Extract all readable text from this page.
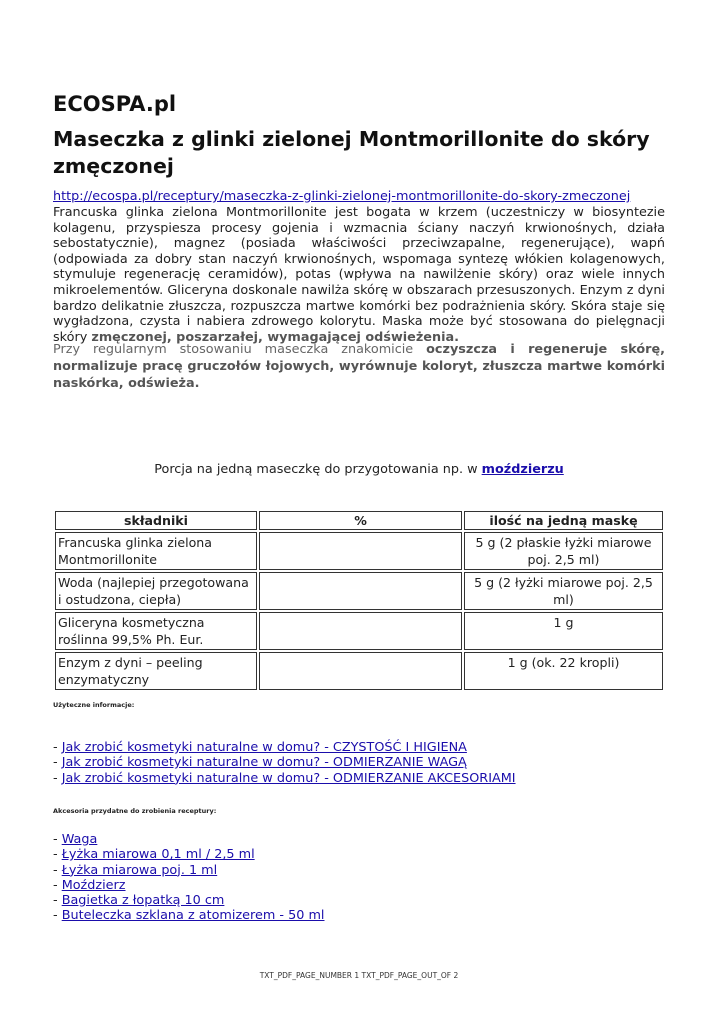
ECOSPA.pl
Maseczka z glinki zielonej Montmorillonite do skóry zmęczonej
http://ecospa.pl/receptury/maseczka-z-glinki-zielonej-montmorillonite-do-skory-zmeczonej

Francuska glinka zielona Montmorillonite jest bogata w krzem (uczestniczy w biosyntezie kolagenu, przyspiesza procesy gojenia i wzmacnia ściany naczyń krwionośnych, działa sebostatycznie), magnez (posiada właściwości przeciwzapalne, regenerujące), wapń (odpowiada za dobry stan naczyń krwionośnych, wspomaga syntezę włókien kolagenowych, stymuluje regenerację ceramidów), potas (wpływa na nawilżenie skóry) oraz wiele innych mikroelementów. Gliceryna doskonale nawilża skórę w obszarach przesuszonych. Enzym z dyni bardzo delikatnie złuszcza, rozpuszcza martwe komórki bez podrażnienia skóry. Skóra staje się wygładzona, czysta i nabiera zdrowego kolorytu. Maska może być stosowana do pielęgnacji skóry zmęczonej, poszarzałej, wymagającej odświeżenia.

Przy regularnym stosowaniu maseczka znakomicie oczyszcza i regeneruje skórę, normalizuje pracę gruczołów łojowych, wyrównuje koloryt, złuszcza martwe komórki naskórka, odświeża.

Porcja na jedną maseczkę do przygotowania np. w moździerzu
składniki	%	ilość na jedną maskę
Francuska glinka zielona Montmorillonite		5 g (2 płaskie łyżki miarowe poj. 2,5 ml)
Woda (najlepiej przegotowana i ostudzona, ciepła)		5 g (2 łyżki miarowe poj. 2,5 ml)
Gliceryna kosmetyczna roślinna 99,5% Ph. Eur.		1 g
Enzym z dyni – peeling enzymatyczny		1 g (ok. 22 kropli)
Użyteczne informacje:
- Jak zrobić kosmetyki naturalne w domu? - CZYSTOŚĆ I HIGIENA
- Jak zrobić kosmetyki naturalne w domu? - ODMIERZANIE WAGĄ
- Jak zrobić kosmetyki naturalne w domu? - ODMIERZANIE AKCESORIAMI
Akcesoria przydatne do zrobienia receptury:
- Waga
- Łyżka miarowa 0,1 ml / 2,5 ml
- Łyżka miarowa poj. 1 ml
- Moździerz
- Bagietka z łopatką 10 cm
- Buteleczka szklana z atomizerem - 50 ml
TXT_PDF_PAGE_NUMBER 1 TXT_PDF_PAGE_OUT_OF 2
